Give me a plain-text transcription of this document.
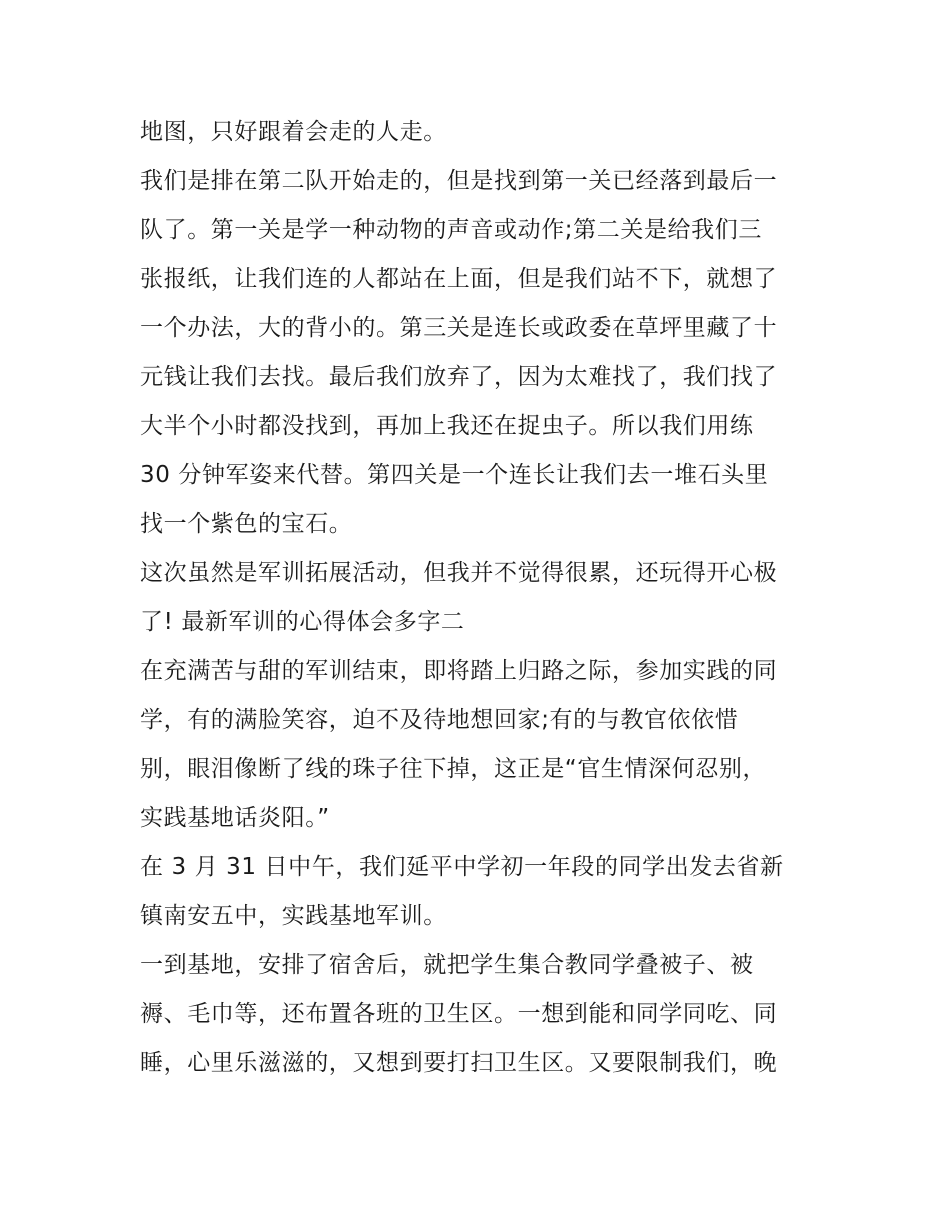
地图，只好跟着会走的人走。
我们是排在第二队开始走的，但是找到第一关已经落到最后一
队了。第一关是学一种动物的声音或动作;第二关是给我们三
张报纸，让我们连的人都站在上面，但是我们站不下，就想了
一个办法，大的背小的。第三关是连长或政委在草坪里藏了十
元钱让我们去找。最后我们放弃了，因为太难找了，我们找了
大半个小时都没找到，再加上我还在捉虫子。所以我们用练
30 分钟军姿来代替。第四关是一个连长让我们去一堆石头里
找一个紫色的宝石。
这次虽然是军训拓展活动，但我并不觉得很累，还玩得开心极
了! 最新军训的心得体会多字二
在充满苦与甜的军训结束，即将踏上归路之际，参加实践的同
学，有的满脸笑容，迫不及待地想回家;有的与教官依依惜
别，眼泪像断了线的珠子往下掉，这正是“官生情深何忍别，
实践基地话炎阳。”
在 3 月 31 日中午，我们延平中学初一年段的同学出发去省新
镇南安五中，实践基地军训。
一到基地，安排了宿舍后，就把学生集合教同学叠被子、被
褥、毛巾等，还布置各班的卫生区。一想到能和同学同吃、同
睡，心里乐滋滋的，又想到要打扫卫生区。又要限制我们，晚
